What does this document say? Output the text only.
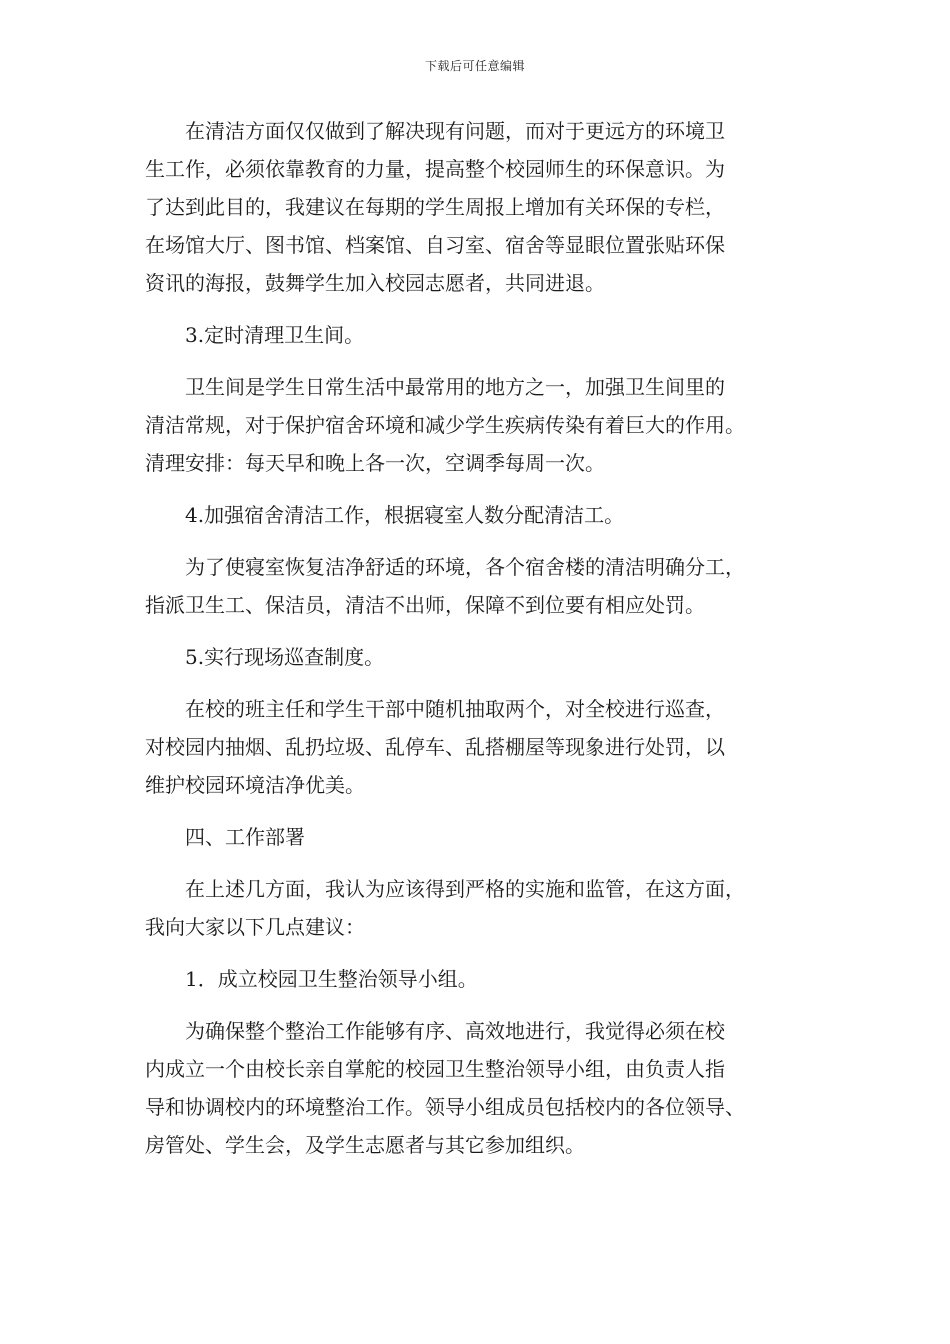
下载后可任意编辑
在清洁方面仅仅做到了解决现有问题，而对于更远方的环境卫
生工作，必须依靠教育的力量，提高整个校园师生的环保意识。为
了达到此目的，我建议在每期的学生周报上增加有关环保的专栏，
在场馆大厅、图书馆、档案馆、自习室、宿舍等显眼位置张贴环保
资讯的海报，鼓舞学生加入校园志愿者，共同进退。
3.定时清理卫生间。
卫生间是学生日常生活中最常用的地方之一，加强卫生间里的
清洁常规，对于保护宿舍环境和减少学生疾病传染有着巨大的作用。
清理安排：每天早和晚上各一次，空调季每周一次。
4.加强宿舍清洁工作，根据寝室人数分配清洁工。
为了使寝室恢复洁净舒适的环境，各个宿舍楼的清洁明确分工，
指派卫生工、保洁员，清洁不出师，保障不到位要有相应处罚。
5.实行现场巡查制度。
在校的班主任和学生干部中随机抽取两个，对全校进行巡查，
对校园内抽烟、乱扔垃圾、乱停车、乱搭棚屋等现象进行处罚，以
维护校园环境洁净优美。
四、工作部署
在上述几方面，我认为应该得到严格的实施和监管，在这方面，
我向大家以下几点建议：
1．成立校园卫生整治领导小组。
为确保整个整治工作能够有序、高效地进行，我觉得必须在校
内成立一个由校长亲自掌舵的校园卫生整治领导小组，由负责人指
导和协调校内的环境整治工作。领导小组成员包括校内的各位领导、
房管处、学生会，及学生志愿者与其它参加组织。
